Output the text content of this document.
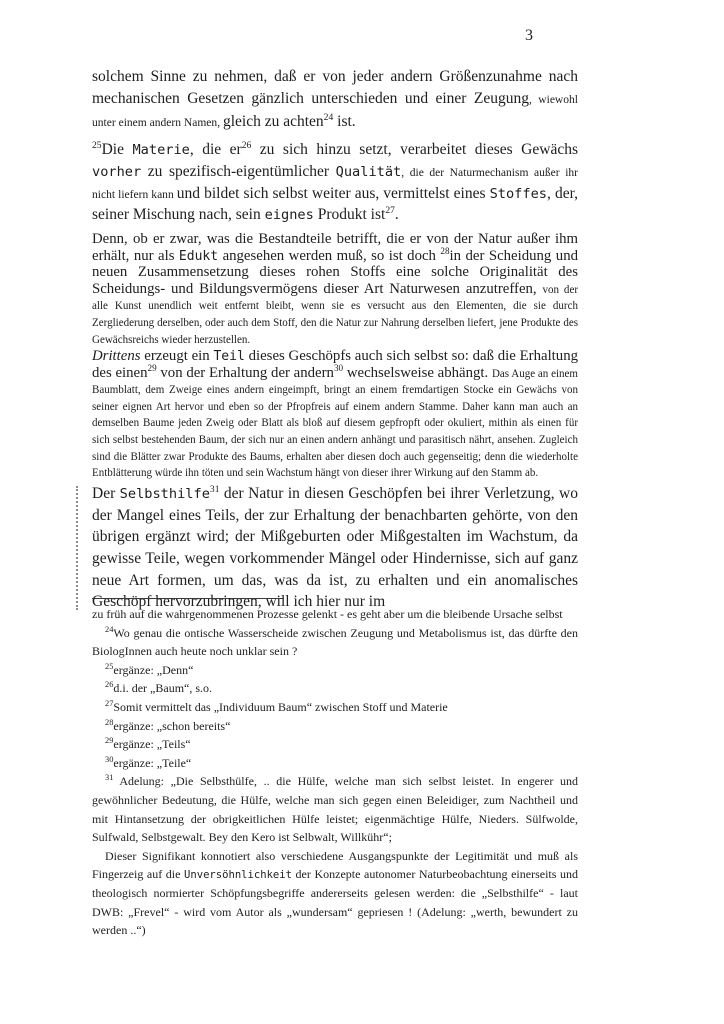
3

solchem Sinne zu nehmen, daß er von jeder andern Größenzunahme nach mechanischen Gesetzen gänzlich unterschieden und einer Zeugung, wiewohl unter einem andern Namen, gleich zu achten$^{24}$ ist.

$^{25}$Die Materie, die $er^{26}$ zu sich hinzu setzt, verarbeitet dieses Gewächs vorher zu spezifisch-eigentümlicher Qualität, die der Naturmechanism außer ihr nicht liefern kann und bildet sich selbst weiter aus, vermittelst eines Stoffes, der, seiner Mischung nach, sein eignes Produkt ist$^{27}$.

Denn, ob er zwar, was die Bestandteile betrifft, die er von der Natur außer ihm erhält, nur als Edukt angesehen werden muß, so ist doch $^{28}$in der Scheidung und neuen Zusammensetzung dieses rohen Stoffs eine solche Originalität des Scheidungs- und Bildungsvermögens dieser Art Naturwesen anzutreffen, von der alle Kunst unendlich weit entfernt bleibt, wenn sie es versucht aus den Elementen, die sie durch Zergliederung derselben, oder auch dem Stoff, den die Natur zur Nahrung derselben liefert, jene Produkte des Gewächsreichs wieder herzustellen.

Drittens erzeugt ein Teil dieses Geschöpfs auch sich selbst so: daß die Erhaltung des einen$^{29}$ von der Erhaltung der andern$^{30}$ wechselsweise abhängt. Das Auge an einem Baumblatt, dem Zweige eines andern eingeimpft, bringt an einem fremdartigen Stocke ein Gewächs von seiner eignen Art hervor und eben so der Pfropfreis auf einem andern Stamme. Daher kann man auch an demselben Baume jeden Zweig oder Blatt als bloß auf diesem gepfropft oder okuliert, mithin als einen für sich selbst bestehenden Baum, der sich nur an einen andern anhängt und parasitisch nährt, ansehen. Zugleich sind die Blätter zwar Produkte des Baums, erhalten aber diesen doch auch gegenseitig; denn die wiederholte Entblätterung würde ihn töten und sein Wachstum hängt von dieser ihrer Wirkung auf den Stamm ab.

Der Selbsthilfe$^{31}$ der Natur in diesen Geschöpfen bei ihrer Verletzung, wo der Mangel eines Teils, der zur Erhaltung der benachbarten gehörte, von den übrigen ergänzt wird; der Mißgeburten oder Mißgestalten im Wachstum, da gewisse Teile, wegen vorkommender Mängel oder Hindernisse, sich auf ganz neue Art formen, um das, was da ist, zu erhalten und ein anomalisches Geschöpf hervorzubringen, will ich hier nur im

zu früh auf die wahrgenommenen Prozesse gelenkt - es geht aber um die bleibende Ursache selbst

$^{24}$Wo genau die ontische Wasserscheide zwischen Zeugung und Metabolismus ist, das dürfte den BiologInnen auch heute noch unklar sein ?

$^{25}$ergänze: „Denn“

$^{26}$d.i. der „Baum“, s.o.

$^{27}$Somit vermittelt das „Individuum Baum“ zwischen Stoff und Materie

$^{28}$ergänze: „schon bereits“

$^{29}$ergänze: „Teils“

$^{30}$ergänze: „Teile“

$^{31}$ Adelung: „Die Selbsthülfe, .. die Hülfe, welche man sich selbst leistet. In engerer und gewöhnlicher Bedeutung, die Hülfe, welche man sich gegen einen Beleidiger, zum Nachtheil und mit Hintansetzung der obrigkeitlichen Hülfe leistet; eigenmächtige Hülfe, Nieders. Sülfwolde, Sulfwald, Selbstgewalt. Bey den Kero ist Selbwalt, Willkühr“;

Dieser Signifikant konnotiert also verschiedene Ausgangspunkte der Legitimität und muß als Fingerzeig auf die Unversöhnlichkeit der Konzepte autonomer Naturbeobachtung einerseits und theologisch normierter Schöpfungsbegriffe andererseits gelesen werden: die „Selbsthilfe“ - laut DWB: „Frevel“ - wird vom Autor als „wundersam“ gepriesen ! (Adelung: „werth, bewundert zu werden ..“)
